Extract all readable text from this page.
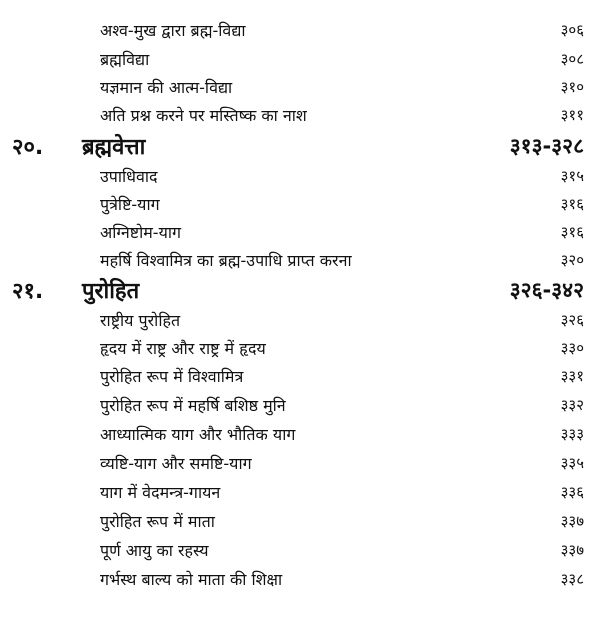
अश्व-मुख द्वारा ब्रह्म-विद्या	३०६
ब्रह्मविद्या	३०८
यज्ञमान की आत्म-विद्या	३१०
अति प्रश्न करने पर मस्तिष्क का नाश	३११
२०. ब्रह्मवेत्ता	३१३-३२८
उपाधिवाद	३१५
पुत्रेष्टि-याग	३१६
अग्निष्टोम-याग	३१६
महर्षि विश्वामित्र का ब्रह्म-उपाधि प्राप्त करना	३२०
२१. पुरोहित	३२६-३४२
राष्ट्रीय पुरोहित	३२६
हृदय में राष्ट्र और राष्ट्र में हृदय	३३०
पुरोहित रूप में विश्वामित्र	३३१
पुरोहित रूप में महर्षि बशिष्ठ मुनि	३३२
आध्यात्मिक याग और भौतिक याग	३३३
व्यष्टि-याग और समष्टि-याग	३३५
याग में वेदमन्त्र-गायन	३३६
पुरोहित रूप में माता	३३७
पूर्ण आयु का रहस्य	३३७
गर्भस्थ बाल्य को माता की शिक्षा	३३८
